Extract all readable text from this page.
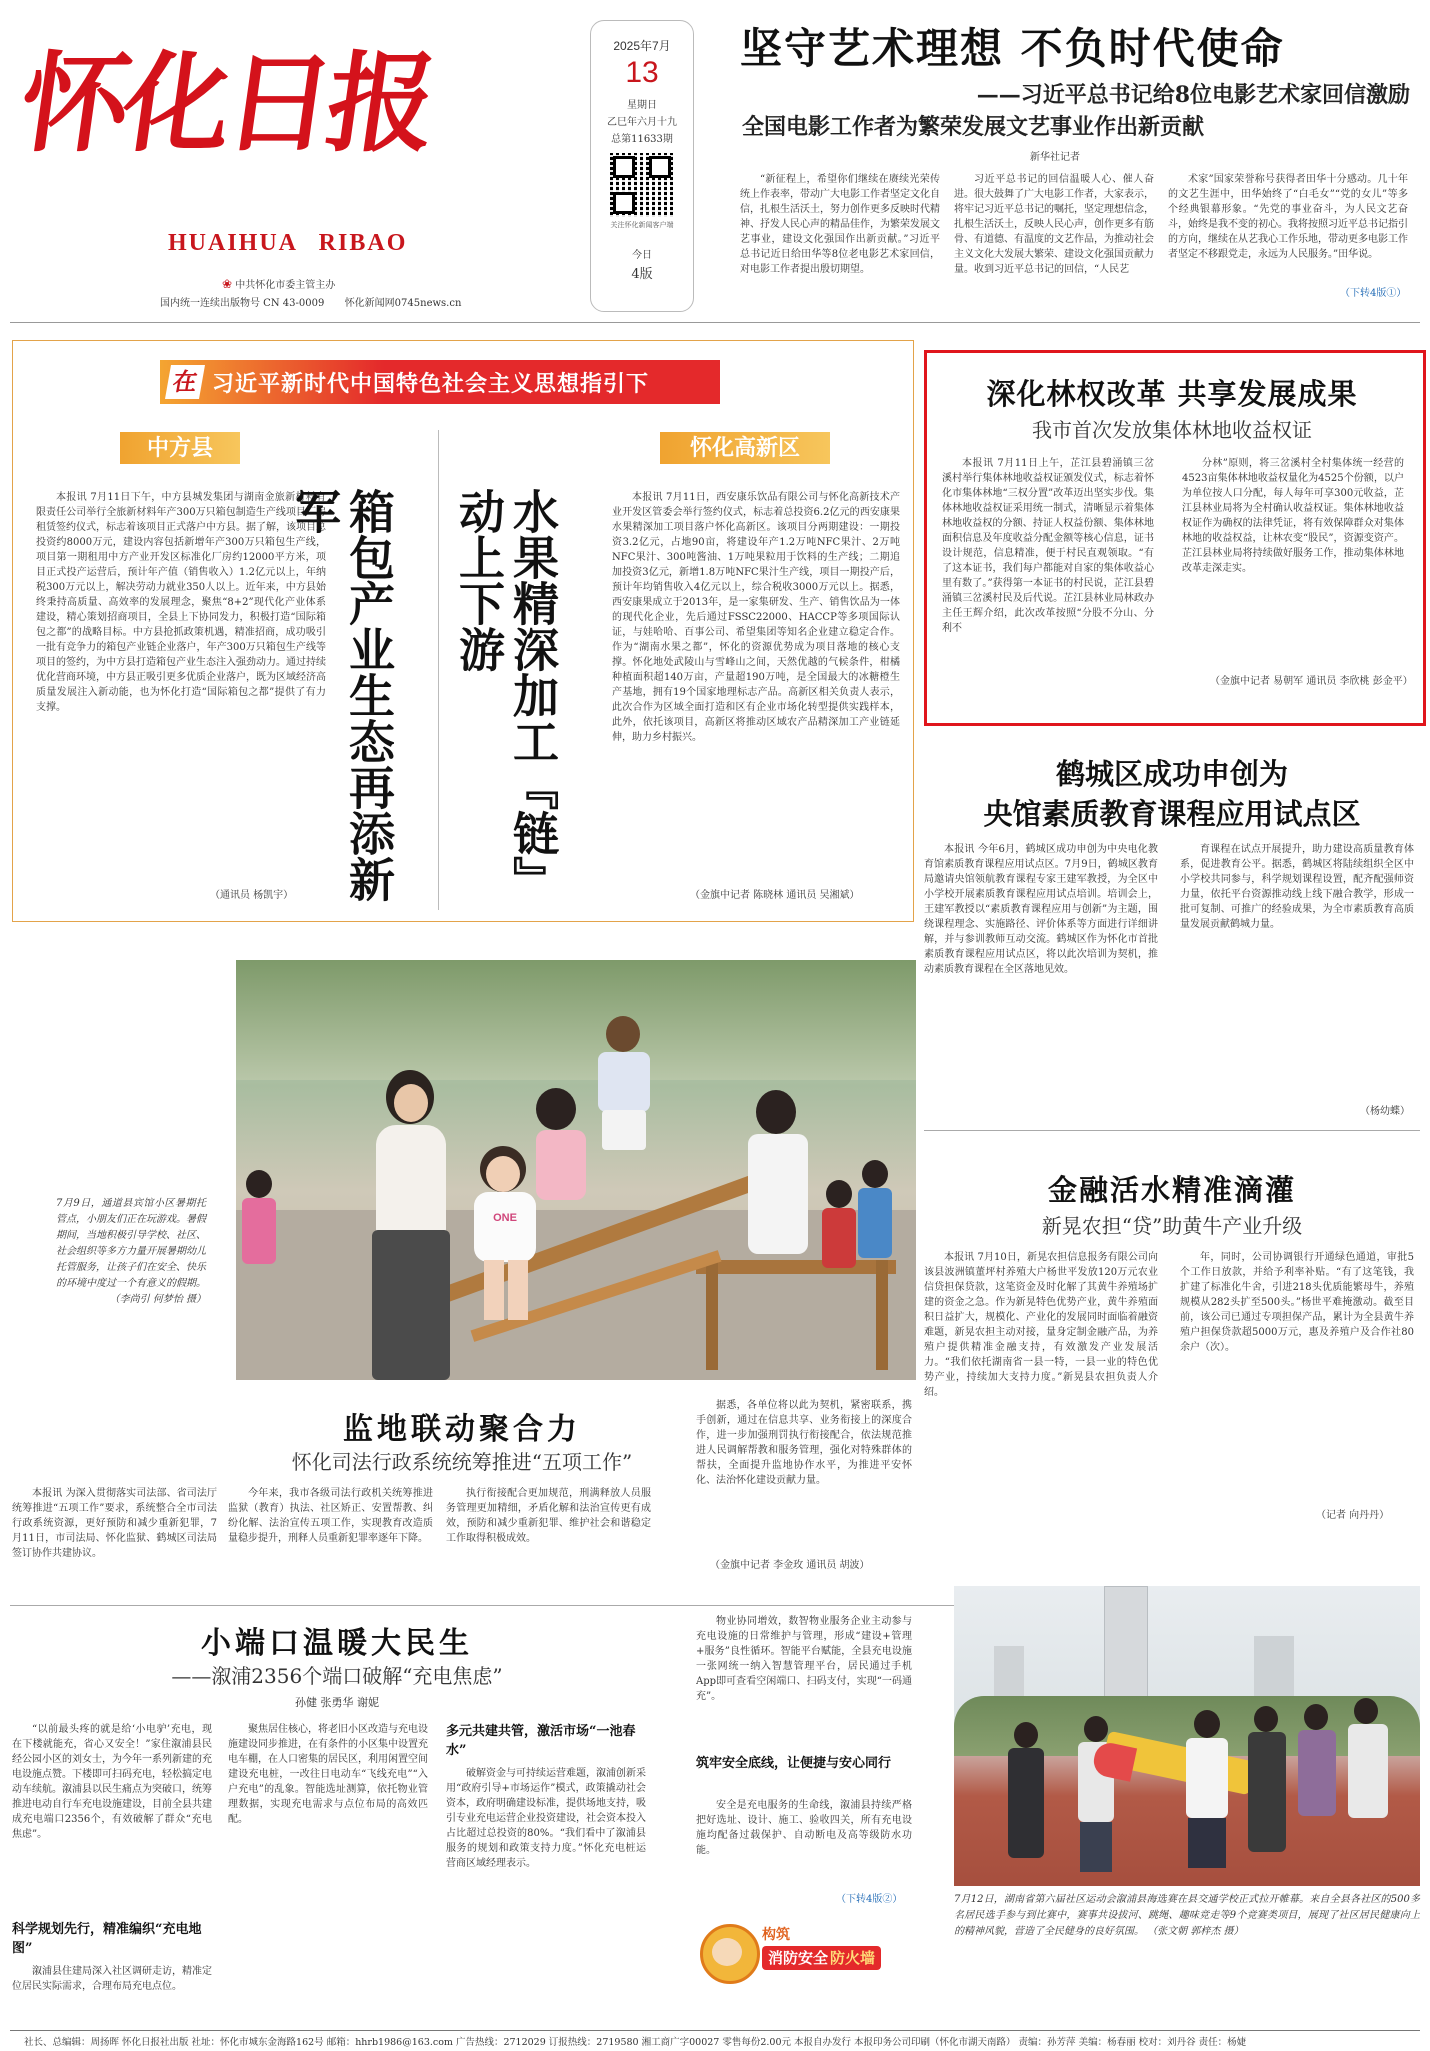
怀化日报
HUAIHUA RIBAO
❀ 中共怀化市委主管主办
国内统一连续出版物号 CN 43-0009 怀化新闻网0745news.cn
2025年7月
13
星期日
乙巳年六月十九
总第11633期
关注怀化新闻客户端
今日
4版
坚守艺术理想 不负时代使命
——习近平总书记给8位电影艺术家回信激励
全国电影工作者为繁荣发展文艺事业作出新贡献
新华社记者

“新征程上，希望你们继续在赓续光荣传统上作表率，带动广大电影工作者坚定文化自信，扎根生活沃土，努力创作更多反映时代精神、抒发人民心声的精品佳作，为繁荣发展文艺事业，建设文化强国作出新贡献。”习近平总书记近日给田华等8位老电影艺术家回信，对电影工作者提出殷切期望。

习近平总书记的回信温暖人心、催人奋进。很大鼓舞了广大电影工作者，大家表示，将牢记习近平总书记的嘱托，坚定理想信念，扎根生活沃土，反映人民心声，创作更多有筋骨、有道德、有温度的文艺作品，为推动社会主义文化大发展大繁荣、建设文化强国贡献力量。收到习近平总书记的回信，“人民艺

术家”国家荣誉称号获得者田华十分感动。几十年的文艺生涯中，田华始终了“白毛女”“党的女儿”等多个经典银幕形象。“先党的事业奋斗，为人民文艺奋斗，始终是我不变的初心。我将按照习近平总书记指引的方向，继续在从艺我心工作乐地，带动更多电影工作者坚定不移跟党走，永远为人民服务。”田华说。

（下转4版①）
在 习近平新时代中国特色社会主义思想指引下
中方县

本报讯 7月11日下午，中方县城发集团与湖南金旅新材料有限责任公司举行全旅新材料年产300万只箱包制造生产线项目厂房租赁签约仪式，标志着该项目正式落户中方县。据了解，该项目总投资约8000万元，建设内容包括新增年产300万只箱包生产线，项目第一期租用中方产业开发区标准化厂房约12000平方米，项目正式投产运营后，预计年产值（销售收入）1.2亿元以上，年纳税300万元以上，解决劳动力就业350人以上。近年来，中方县始终秉持高质量、高效率的发展理念，聚焦“8+2”现代化产业体系建设，精心策划招商项目，全县上下协同发力，积极打造“国际箱包之都”的战略目标。中方县抢抓政策机遇，精准招商，成功吸引一批有竞争力的箱包产业链企业落户，年产300万只箱包生产线等项目的签约，为中方县打造箱包产业生态注入强劲动力。通过持续优化营商环境，中方县正吸引更多优质企业落户，既为区域经济高质量发展注入新动能，也为怀化打造“国际箱包之都”提供了有力支撑。

（通讯员 杨凯宇） 箱包产业生态再添新军
怀化高新区
水果精深加工『链』动上下游	本报讯 7月11日，西安康乐饮品有限公司与怀化高新技术产业开发区管委会举行签约仪式，标志着总投资6.2亿元的西安康果水果精深加工项目落户怀化高新区。该项目分两期建设：一期投资3.2亿元，占地90亩，将建设年产1.2万吨NFC果汁、2万吨NFC果汁、300吨酱油、1万吨果粒用于饮料的生产线；二期追加投资3亿元，新增1.8万吨NFC果汁生产线，项目一期投产后，预计年均销售收入4亿元以上，综合税收3000万元以上。据悉，西安康果成立于2013年，是一家集研发、生产、销售饮品为一体的现代化企业，先后通过FSSC22000、HACCP等多项国际认证，与娃哈哈、百事公司、希望集团等知名企业建立稳定合作。作为“湖南水果之都”，怀化的资源优势成为项目落地的核心支撑。怀化地处武陵山与雪峰山之间，天然优越的气候条件，柑橘种植面积超140万亩，产量超190万吨，是全国最大的冰糖橙生产基地，拥有19个国家地理标志产品。高新区相关负责人表示，此次合作为区域全面打造和区有企业市场化转型提供实践样本，此外，依托该项目，高新区将推动区域农产品精深加工产业链延伸，助力乡村振兴。

（金旗中记者 陈晓林 通讯员 吴湘斌）
深化林权改革 共享发展成果
我市首次发放集体林地收益权证

本报讯 7月11日上午，芷江县碧涌镇三岔溪村举行集体林地收益权证颁发仪式，标志着怀化市集体林地“三权分置”改革迈出坚实步伐。集体林地收益权证采用统一制式，清晰显示着集体林地收益权的分额、持证人权益份额、集体林地面积信息及年度收益分配金额等核心信息，证书设计规范，信息精准，便于村民直观领取。“有了这本证书，我们每户都能对自家的集体收益心里有数了。”获得第一本证书的村民说，芷江县碧涌镇三岔溪村民及后代说。芷江县林业局林政办主任王辉介绍，此次改革按照“分股不分山、分利不

分林”原则，将三岔溪村全村集体统一经营的4523亩集体林地收益权量化为4525个份额，以户为单位按人口分配，每人每年可享300元收益，芷江县林业局将为全村确认收益权证。集体林地收益权证作为确权的法律凭证，将有效保障群众对集体林地的收益权益，让林农变“股民”，资源变资产。芷江县林业局将持续做好服务工作，推动集体林地改革走深走实。

（金旗中记者 易朝军 通讯员 李欣桃 彭金平）
鹤城区成功申创为
央馆素质教育课程应用试点区

本报讯 今年6月，鹤城区成功申创为中央电化教育馆素质教育课程应用试点区。7月9日，鹤城区教育局邀请央馆领航教育课程专家王建军教授，为全区中小学校开展素质教育课程应用试点培训。培训会上，王建军教授以“素质教育课程应用与创新”为主题，围绕课程理念、实施路径、评价体系等方面进行详细讲解，并与参训教师互动交流。鹤城区作为怀化市首批素质教育课程应用试点区，将以此次培训为契机，推动素质教育课程在全区落地见效。

育课程在试点开展提升，助力建设高质量教育体系，促进教育公平。据悉，鹤城区将陆续组织全区中小学校共同参与，科学规划课程设置，配齐配强师资力量，依托平台资源推动线上线下融合教学，形成一批可复制、可推广的经验成果，为全市素质教育高质量发展贡献鹤城力量。

（杨幼蝶）
金融活水精准滴灌
新晃农担“贷”助黄牛产业升级

本报讯 7月10日，新晃农担信息报务有限公司向该县波洲镇董坪村养殖大户杨世平发放120万元农业信贷担保贷款，这笔资金及时化解了其黄牛养殖场扩建的资金之急。作为新晃特色优势产业，黄牛养殖面积日益扩大，规模化、产业化的发展同时面临着融资难题，新晃农担主动对接，量身定制金融产品，为养殖户提供精准金融支持，有效激发产业发展活力。“我们依托湖南省一县一特，一县一业的特色优势产业，持续加大支持力度。”新晃县农担负责人介绍。

年，同时，公司协调银行开通绿色通道，审批5个工作日放款，并给予利率补贴。“有了这笔钱，我扩建了标准化牛舍，引进218头优质能繁母牛，养殖规模从282头扩至500头。”杨世平难掩激动。截至目前，该公司已通过专项担保产品，累计为全县黄牛养殖户担保贷款超5000万元，惠及养殖户及合作社80余户（次）。

（记者 向丹丹）
ONE
7月9日，通道县宾馆小区暑期托管点，小朋友们正在玩游戏。暑假期间，当地积极引导学校、社区、社会组织等多方力量开展暑期幼儿托管服务，让孩子们在安全、快乐的环境中度过一个有意义的假期。
（李尚引 何梦怡 摄）
监地联动聚合力
怀化司法行政系统统筹推进“五项工作”

本报讯 为深入贯彻落实司法部、省司法厅统筹推进“五项工作”要求，系统整合全市司法行政系统资源，更好预防和减少重新犯罪，7月11日，市司法局、怀化监狱、鹤城区司法局签订协作共建协议。

今年来，我市各级司法行政机关统筹推进监狱（教育）执法、社区矫正、安置帮教、纠纷化解、法治宣传五项工作，实现教育改造质量稳步提升，刑释人员重新犯罪率逐年下降。

执行衔接配合更加规范，刑满释放人员服务管理更加精细，矛盾化解和法治宣传更有成效，预防和减少重新犯罪、维护社会和谐稳定工作取得积极成效。

据悉，各单位将以此为契机，紧密联系，携手创新，通过在信息共享、业务衔接上的深度合作，进一步加强刑罚执行衔接配合，依法规范推进人民调解帮教和服务管理，强化对特殊群体的帮扶，全面提升监地协作水平，为推进平安怀化、法治怀化建设贡献力量。

（金旗中记者 李金玫 通讯员 胡波）
小端口温暖大民生
——溆浦2356个端口破解“充电焦虑”
孙健 张勇华 谢妮

“以前最头疼的就是给‘小电驴’充电，现在下楼就能充，省心又安全！”家住溆浦县民经公园小区的刘女士，为今年一系列新建的充电设施点赞。下楼即可扫码充电，轻松搞定电动车续航。溆浦县以民生痛点为突破口，统筹推进电动自行车充电设施建设，目前全县共建成充电端口2356个，有效破解了群众“充电焦虑”。

科学规划先行，精准编织“充电地图”

溆浦县住建局深入社区调研走访，精准定位居民实际需求，合理布局充电点位。

聚焦居住核心，将老旧小区改造与充电设施建设同步推进，在有条件的小区集中设置充电车棚，在人口密集的居民区，利用闲置空间建设充电桩，一改往日电动车“飞线充电”“入户充电”的乱象。智能选址测算，依托物业管理数据，实现充电需求与点位布局的高效匹配。

多元共建共管，激活市场“一池春水”

破解资金与可持续运营难题，溆浦创新采用“政府引导+市场运作”模式，政策撬动社会资本，政府明确建设标准，提供场地支持，吸引专业充电运营企业投资建设，社会资本投入占比超过总投资的80%。“我们看中了溆浦县服务的规划和政策支持力度。”怀化充电桩运营商区域经理表示。

物业协同增效，数智物业服务企业主动参与充电设施的日常维护与管理，形成“建设+管理+服务”良性循环。智能平台赋能，全县充电设施一张网统一纳入智慧管理平台，居民通过手机App即可查看空闲端口、扫码支付，实现“一码通充”。

筑牢安全底线，让便捷与安心同行

安全是充电服务的生命线，溆浦县持续严格把好选址、设计、施工、验收四关，所有充电设施均配备过载保护、自动断电及高等级防水功能。

（下转4版②）
构筑
消防安全 防火墙
7月12日，湖南省第六届社区运动会溆浦县海选赛在县交通学校正式拉开帷幕。来自全县各社区的500多名居民选手参与到比赛中，赛事共设拔河、跳绳、趣味竞走等9个竞赛类项目，展现了社区居民健康向上的精神风貌，营造了全民健身的良好氛围。 （张文朝 郭梓杰 摄）
社长、总编辑：周扬晖 怀化日报社出版 社址：怀化市城东金海路162号 邮箱：hhrb1986@163.com 广告热线：2712029 订报热线：2719580 湘工商广字00027 零售每份2.00元 本报自办发行 本报印务公司印刷（怀化市湖天南路） 责编：孙芳萍 美编：杨春丽 校对：刘丹谷 责任：杨婕
